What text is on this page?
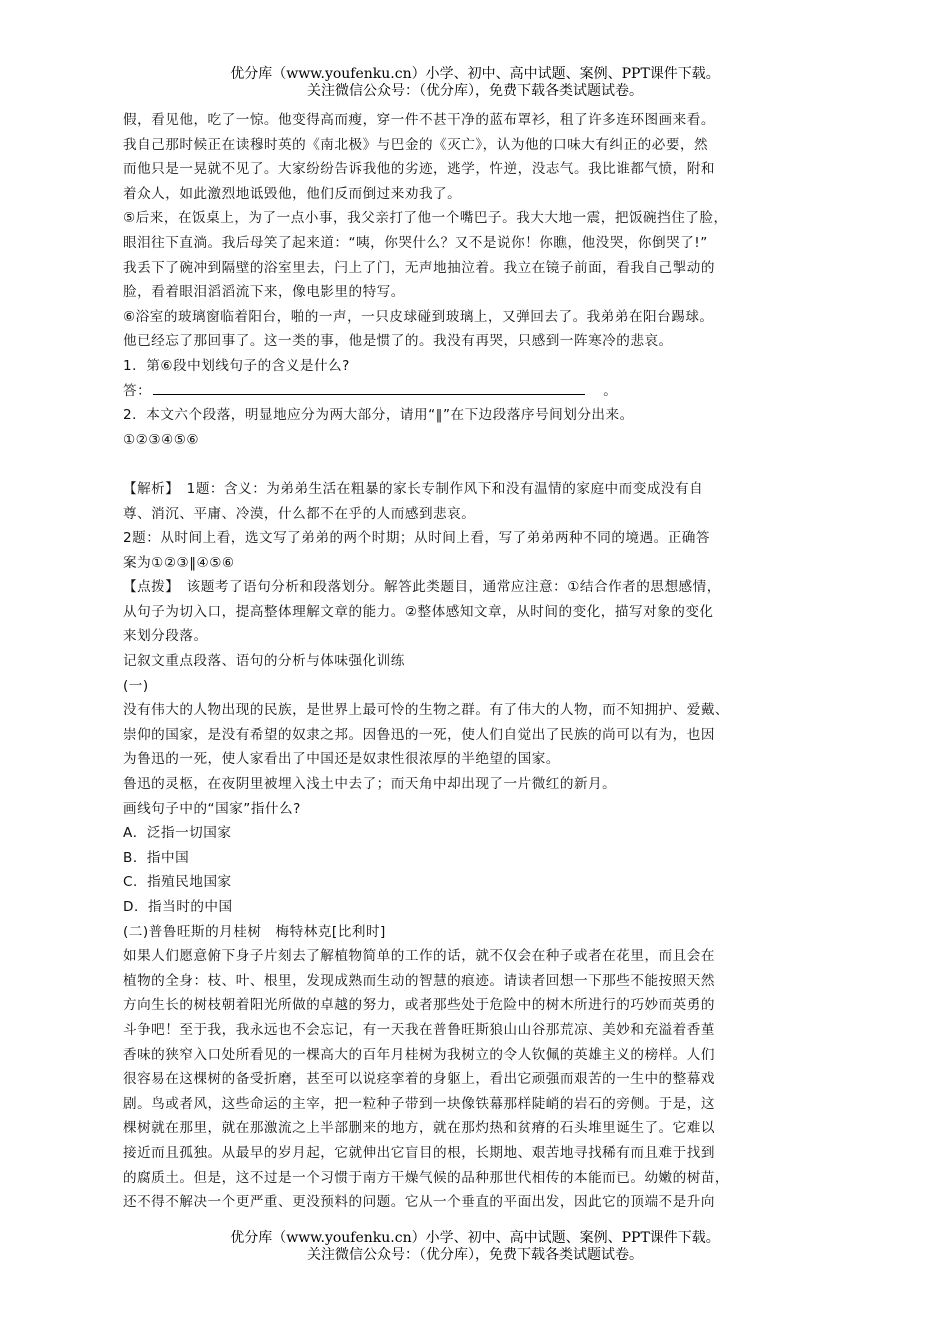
优分库（www.youfenku.cn）小学、初中、高中试题、案例、PPT课件下载。
关注微信公众号：（优分库），免费下载各类试题试卷。
假，看见他，吃了一惊。他变得高而瘦，穿一件不甚干净的蓝布罩衫，租了许多连环图画来看。
我自己那时候正在读穆时英的《南北极》与巴金的《灭亡》，认为他的口味大有纠正的必要，然
而他只是一晃就不见了。大家纷纷告诉我他的劣迹，逃学，忤逆，没志气。我比谁都气愤，附和
着众人，如此激烈地诋毁他，他们反而倒过来劝我了。
⑤后来，在饭桌上，为了一点小事，我父亲打了他一个嘴巴子。我大大地一震，把饭碗挡住了脸，
眼泪往下直淌。我后母笑了起来道：“咦，你哭什么？又不是说你！你瞧，他没哭，你倒哭了!”
我丢下了碗冲到隔壁的浴室里去，闩上了门，无声地抽泣着。我立在镜子前面，看我自己掣动的
脸，看着眼泪滔滔流下来，像电影里的特写。
⑥浴室的玻璃窗临着阳台，啪的一声，一只皮球碰到玻璃上，又弹回去了。我弟弟在阳台踢球。
他已经忘了那回事了。这一类的事，他是惯了的。我没有再哭，只感到一阵寒冷的悲哀。
1．第⑥段中划线句子的含义是什么?
答：	。
2．本文六个段落，明显地应分为两大部分，请用“‖”在下边段落序号间划分出来。
①②③④⑤⑥
【解析】　1题：含义：为弟弟生活在粗暴的家长专制作风下和没有温情的家庭中而变成没有自
尊、消沉、平庸、冷漠，什么都不在乎的人而感到悲哀。
2题：从时间上看，选文写了弟弟的两个时期；从时间上看，写了弟弟两种不同的境遇。正确答
案为①②③‖④⑤⑥
【点拨】　该题考了语句分析和段落划分。解答此类题目，通常应注意：①结合作者的思想感情，
从句子为切入口，提高整体理解文章的能力。②整体感知文章，从时间的变化，描写对象的变化
来划分段落。
记叙文重点段落、语句的分析与体味强化训练
(一)
没有伟大的人物出现的民族，是世界上最可怜的生物之群。有了伟大的人物，而不知拥护、爱戴、
崇仰的国家，是没有希望的奴隶之邦。因鲁迅的一死，使人们自觉出了民族的尚可以有为，也因
为鲁迅的一死，使人家看出了中国还是奴隶性很浓厚的半绝望的国家。
鲁迅的灵柩，在夜阴里被埋入浅土中去了；而天角中却出现了一片微红的新月。
画线句子中的“国家”指什么?
A．泛指一切国家
B．指中国
C．指殖民地国家
D．指当时的中国
(二)普鲁旺斯的月桂树　梅特林克[比利时]
如果人们愿意俯下身子片刻去了解植物简单的工作的话，就不仅会在种子或者在花里，而且会在
植物的全身：枝、叶、根里，发现成熟而生动的智慧的痕迹。请读者回想一下那些不能按照天然
方向生长的树枝朝着阳光所做的卓越的努力，或者那些处于危险中的树木所进行的巧妙而英勇的
斗争吧！至于我，我永远也不会忘记，有一天我在普鲁旺斯狼山山谷那荒凉、美妙和充溢着香堇
香味的狭窄入口处所看见的一棵高大的百年月桂树为我树立的令人钦佩的英雄主义的榜样。人们
很容易在这棵树的备受折磨，甚至可以说痉挛着的身躯上，看出它顽强而艰苦的一生中的整幕戏
剧。鸟或者风，这些命运的主宰，把一粒种子带到一块像铁幕那样陡峭的岩石的旁侧。于是，这
棵树就在那里，就在那激流之上半部删来的地方，就在那灼热和贫瘠的石头堆里诞生了。它难以
接近而且孤独。从最早的岁月起，它就伸出它盲目的根，长期地、艰苦地寻找稀有而且难于找到
的腐质土。但是，这不过是一个习惯于南方干燥气候的品种那世代相传的本能而已。幼嫩的树苗，
还不得不解决一个更严重、更没预料的问题。它从一个垂直的平面出发，因此它的顶端不是升向
优分库（www.youfenku.cn）小学、初中、高中试题、案例、PPT课件下载。
关注微信公众号：（优分库），免费下载各类试题试卷。
